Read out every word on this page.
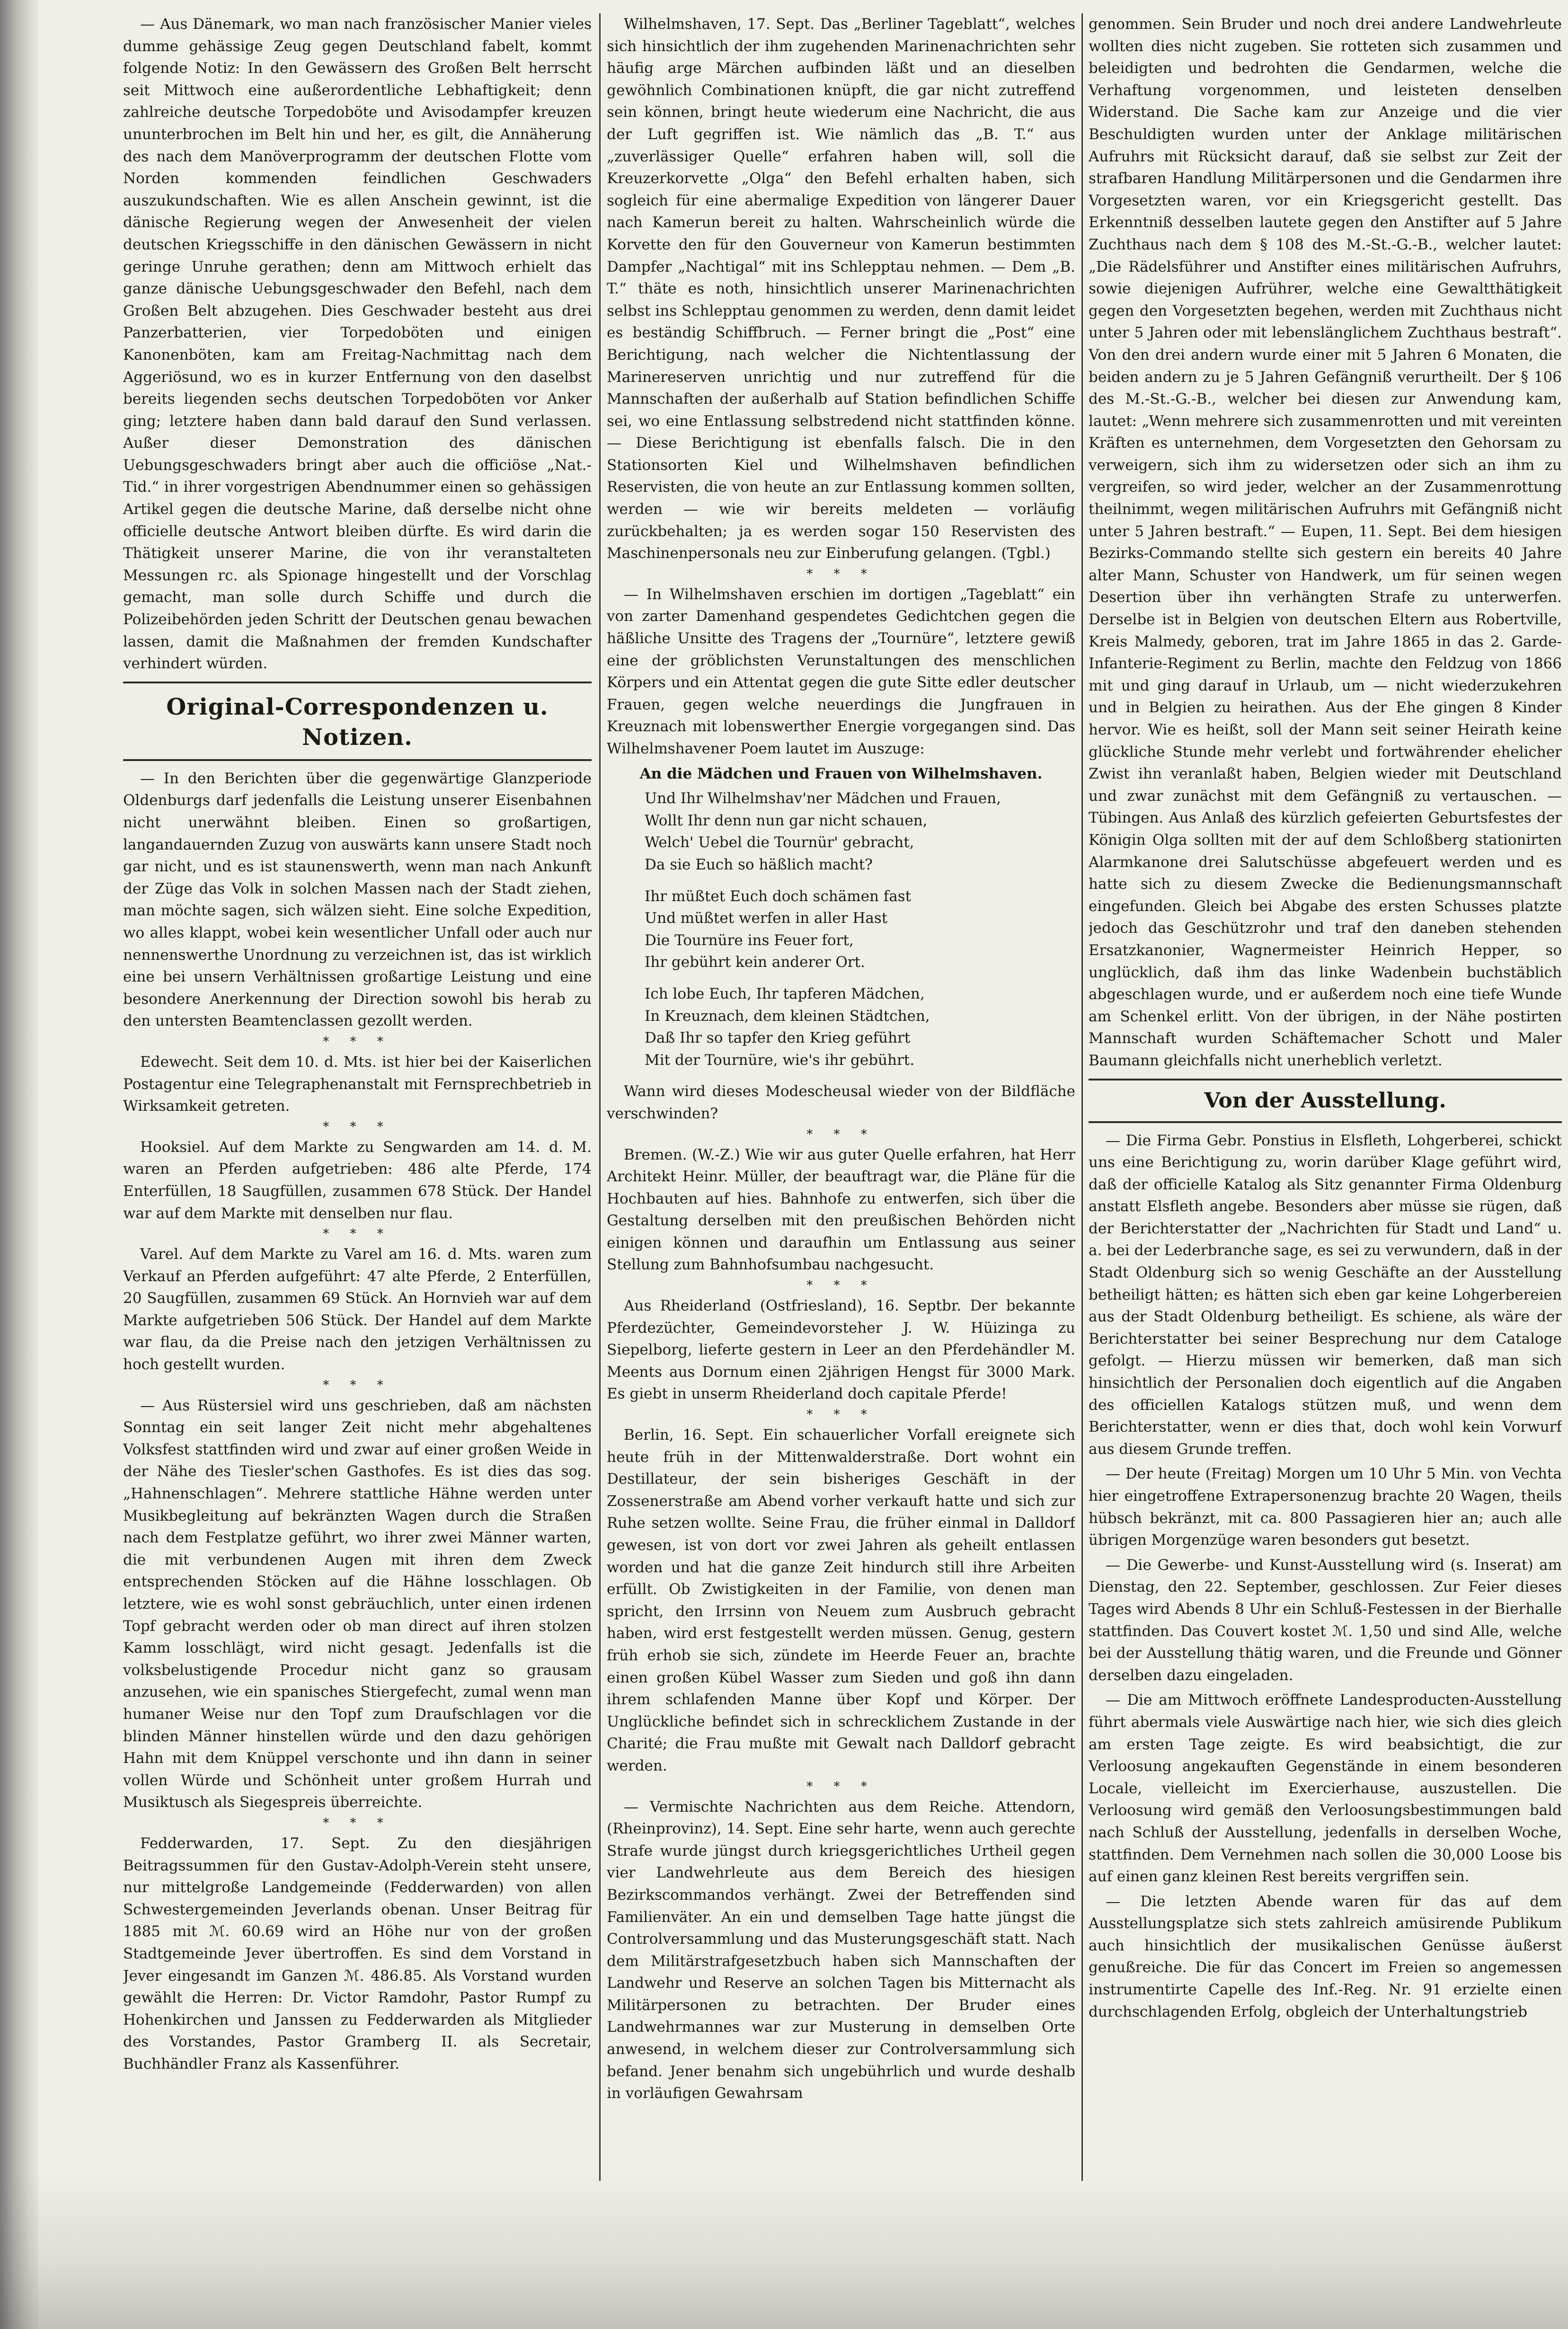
— Aus Dänemark, wo man nach französischer Manier vieles dumme gehässige Zeug gegen Deutschland fabelt, kommt folgende Notiz: In den Gewässern des Großen Belt herrscht seit Mittwoch eine außerordentliche Lebhaftigkeit; denn zahlreiche deutsche Torpedoböte und Avisodampfer kreuzen ununterbrochen im Belt hin und her, es gilt, die Annäherung des nach dem Manöverprogramm der deutschen Flotte vom Norden kommenden feindlichen Geschwaders auszukundschaften. Wie es allen Anschein gewinnt, ist die dänische Regierung wegen der Anwesenheit der vielen deutschen Kriegsschiffe in den dänischen Gewässern in nicht geringe Unruhe gerathen; denn am Mittwoch erhielt das ganze dänische Uebungsgeschwader den Befehl, nach dem Großen Belt abzugehen. Dies Geschwader besteht aus drei Panzerbatterien, vier Torpedoböten und einigen Kanonenböten, kam am Freitag-Nachmittag nach dem Aggeriösund, wo es in kurzer Entfernung von den daselbst bereits liegenden sechs deutschen Torpedoböten vor Anker ging; letztere haben dann bald darauf den Sund verlassen. Außer dieser Demonstration des dänischen Uebungsgeschwaders bringt aber auch die officiöse „Nat.-Tid.“ in ihrer vorgestrigen Abendnummer einen so gehässigen Artikel gegen die deutsche Marine, daß derselbe nicht ohne officielle deutsche Antwort bleiben dürfte. Es wird darin die Thätigkeit unserer Marine, die von ihr veranstalteten Messungen rc. als Spionage hingestellt und der Vorschlag gemacht, man solle durch Schiffe und durch die Polizeibehörden jeden Schritt der Deutschen genau bewachen lassen, damit die Maßnahmen der fremden Kundschafter verhindert würden.

Original-Correspondenzen u. Notizen.

— In den Berichten über die gegenwärtige Glanzperiode Oldenburgs darf jedenfalls die Leistung unserer Eisenbahnen nicht unerwähnt bleiben. Einen so großartigen, langandauernden Zuzug von auswärts kann unsere Stadt noch gar nicht, und es ist staunenswerth, wenn man nach Ankunft der Züge das Volk in solchen Massen nach der Stadt ziehen, man möchte sagen, sich wälzen sieht. Eine solche Expedition, wo alles klappt, wobei kein wesentlicher Unfall oder auch nur nennenswerthe Unordnung zu verzeichnen ist, das ist wirklich eine bei unsern Verhältnissen großartige Leistung und eine besondere Anerkennung der Direction sowohl bis herab zu den untersten Beamtenclassen gezollt werden.

* * *

Edewecht. Seit dem 10. d. Mts. ist hier bei der Kaiserlichen Postagentur eine Telegraphenanstalt mit Fernsprechbetrieb in Wirksamkeit getreten.

* * *

Hooksiel. Auf dem Markte zu Sengwarden am 14. d. M. waren an Pferden aufgetrieben: 486 alte Pferde, 174 Enterfüllen, 18 Saugfüllen, zusammen 678 Stück. Der Handel war auf dem Markte mit denselben nur flau.

* * *

Varel. Auf dem Markte zu Varel am 16. d. Mts. waren zum Verkauf an Pferden aufgeführt: 47 alte Pferde, 2 Enterfüllen, 20 Saugfüllen, zusammen 69 Stück. An Hornvieh war auf dem Markte aufgetrieben 506 Stück. Der Handel auf dem Markte war flau, da die Preise nach den jetzigen Verhältnissen zu hoch gestellt wurden.

* * *

— Aus Rüstersiel wird uns geschrieben, daß am nächsten Sonntag ein seit langer Zeit nicht mehr abgehaltenes Volksfest stattfinden wird und zwar auf einer großen Weide in der Nähe des Tiesler'schen Gasthofes. Es ist dies das sog. „Hahnenschlagen“. Mehrere stattliche Hähne werden unter Musikbegleitung auf bekränzten Wagen durch die Straßen nach dem Festplatze geführt, wo ihrer zwei Männer warten, die mit verbundenen Augen mit ihren dem Zweck entsprechenden Stöcken auf die Hähne losschlagen. Ob letztere, wie es wohl sonst gebräuchlich, unter einen irdenen Topf gebracht werden oder ob man direct auf ihren stolzen Kamm losschlägt, wird nicht gesagt. Jedenfalls ist die volksbelustigende Procedur nicht ganz so grausam anzusehen, wie ein spanisches Stiergefecht, zumal wenn man humaner Weise nur den Topf zum Draufschlagen vor die blinden Männer hinstellen würde und den dazu gehörigen Hahn mit dem Knüppel verschonte und ihn dann in seiner vollen Würde und Schönheit unter großem Hurrah und Musiktusch als Siegespreis überreichte.

* * *

Fedderwarden, 17. Sept. Zu den diesjährigen Beitragssummen für den Gustav-Adolph-Verein steht unsere, nur mittelgroße Landgemeinde (Fedderwarden) von allen Schwestergemeinden Jeverlands obenan. Unser Beitrag für 1885 mit ℳ. 60.69 wird an Höhe nur von der großen Stadtgemeinde Jever übertroffen. Es sind dem Vorstand in Jever eingesandt im Ganzen ℳ. 486.85. Als Vorstand wurden gewählt die Herren: Dr. Victor Ramdohr, Pastor Rumpf zu Hohenkirchen und Janssen zu Fedderwarden als Mitglieder des Vorstandes, Pastor Gramberg II. als Secretair, Buchhändler Franz als Kassenführer.

Wilhelmshaven, 17. Sept. Das „Berliner Tageblatt“, welches sich hinsichtlich der ihm zugehenden Marinenachrichten sehr häufig arge Märchen aufbinden läßt und an dieselben gewöhnlich Combinationen knüpft, die gar nicht zutreffend sein können, bringt heute wiederum eine Nachricht, die aus der Luft gegriffen ist. Wie nämlich das „B. T.“ aus „zuverlässiger Quelle“ erfahren haben will, soll die Kreuzerkorvette „Olga“ den Befehl erhalten haben, sich sogleich für eine abermalige Expedition von längerer Dauer nach Kamerun bereit zu halten. Wahrscheinlich würde die Korvette den für den Gouverneur von Kamerun bestimmten Dampfer „Nachtigal“ mit ins Schlepptau nehmen. — Dem „B. T.“ thäte es noth, hinsichtlich unserer Marinenachrichten selbst ins Schlepptau genommen zu werden, denn damit leidet es beständig Schiffbruch. — Ferner bringt die „Post“ eine Berichtigung, nach welcher die Nichtentlassung der Marinereserven unrichtig und nur zutreffend für die Mannschaften der außerhalb auf Station befindlichen Schiffe sei, wo eine Entlassung selbstredend nicht stattfinden könne. — Diese Berichtigung ist ebenfalls falsch. Die in den Stationsorten Kiel und Wilhelmshaven befindlichen Reservisten, die von heute an zur Entlassung kommen sollten, werden — wie wir bereits meldeten — vorläufig zurückbehalten; ja es werden sogar 150 Reservisten des Maschinenpersonals neu zur Einberufung gelangen. (Tgbl.)

* * *

— In Wilhelmshaven erschien im dortigen „Tageblatt“ ein von zarter Damenhand gespendetes Gedichtchen gegen die häßliche Unsitte des Tragens der „Tournüre“, letztere gewiß eine der gröblichsten Verunstaltungen des menschlichen Körpers und ein Attentat gegen die gute Sitte edler deutscher Frauen, gegen welche neuerdings die Jungfrauen in Kreuznach mit lobenswerther Energie vorgegangen sind. Das Wilhelmshavener Poem lautet im Auszuge:

An die Mädchen und Frauen von Wilhelmshaven.
Und Ihr Wilhelmshav'ner Mädchen und Frauen,
Wollt Ihr denn nun gar nicht schauen,
Welch' Uebel die Tournür' gebracht,
Da sie Euch so häßlich macht?
Ihr müßtet Euch doch schämen fast
Und müßtet werfen in aller Hast
Die Tournüre ins Feuer fort,
Ihr gebührt kein anderer Ort.
Ich lobe Euch, Ihr tapferen Mädchen,
In Kreuznach, dem kleinen Städtchen,
Daß Ihr so tapfer den Krieg geführt
Mit der Tournüre, wie's ihr gebührt.

Wann wird dieses Modescheusal wieder von der Bildfläche verschwinden?

* * *

Bremen. (W.-Z.) Wie wir aus guter Quelle erfahren, hat Herr Architekt Heinr. Müller, der beauftragt war, die Pläne für die Hochbauten auf hies. Bahnhofe zu entwerfen, sich über die Gestaltung derselben mit den preußischen Behörden nicht einigen können und daraufhin um Entlassung aus seiner Stellung zum Bahnhofsumbau nachgesucht.

* * *

Aus Rheiderland (Ostfriesland), 16. Septbr. Der bekannte Pferdezüchter, Gemeindevorsteher J. W. Hüizinga zu Siepelborg, lieferte gestern in Leer an den Pferdehändler M. Meents aus Dornum einen 2jährigen Hengst für 3000 Mark. Es giebt in unserm Rheiderland doch capitale Pferde!

* * *

Berlin, 16. Sept. Ein schauerlicher Vorfall ereignete sich heute früh in der Mittenwalderstraße. Dort wohnt ein Destillateur, der sein bisheriges Geschäft in der Zossenerstraße am Abend vorher verkauft hatte und sich zur Ruhe setzen wollte. Seine Frau, die früher einmal in Dalldorf gewesen, ist von dort vor zwei Jahren als geheilt entlassen worden und hat die ganze Zeit hindurch still ihre Arbeiten erfüllt. Ob Zwistigkeiten in der Familie, von denen man spricht, den Irrsinn von Neuem zum Ausbruch gebracht haben, wird erst festgestellt werden müssen. Genug, gestern früh erhob sie sich, zündete im Heerde Feuer an, brachte einen großen Kübel Wasser zum Sieden und goß ihn dann ihrem schlafenden Manne über Kopf und Körper. Der Unglückliche befindet sich in schrecklichem Zustande in der Charité; die Frau mußte mit Gewalt nach Dalldorf gebracht werden.

* * *

— Vermischte Nachrichten aus dem Reiche. Attendorn, (Rheinprovinz), 14. Sept. Eine sehr harte, wenn auch gerechte Strafe wurde jüngst durch kriegsgerichtliches Urtheil gegen vier Landwehrleute aus dem Bereich des hiesigen Bezirkscommandos verhängt. Zwei der Betreffenden sind Familienväter. An ein und demselben Tage hatte jüngst die Controlversammlung und das Musterungsgeschäft statt. Nach dem Militärstrafgesetzbuch haben sich Mannschaften der Landwehr und Reserve an solchen Tagen bis Mitternacht als Militärpersonen zu betrachten. Der Bruder eines Landwehrmannes war zur Musterung in demselben Orte anwesend, in welchem dieser zur Controlversammlung sich befand. Jener benahm sich ungebührlich und wurde deshalb in vorläufigen Gewahrsam

genommen. Sein Bruder und noch drei andere Landwehrleute wollten dies nicht zugeben. Sie rotteten sich zusammen und beleidigten und bedrohten die Gendarmen, welche die Verhaftung vorgenommen, und leisteten denselben Widerstand. Die Sache kam zur Anzeige und die vier Beschuldigten wurden unter der Anklage militärischen Aufruhrs mit Rücksicht darauf, daß sie selbst zur Zeit der strafbaren Handlung Militärpersonen und die Gendarmen ihre Vorgesetzten waren, vor ein Kriegsgericht gestellt. Das Erkenntniß desselben lautete gegen den Anstifter auf 5 Jahre Zuchthaus nach dem § 108 des M.-St.-G.-B., welcher lautet: „Die Rädelsführer und Anstifter eines militärischen Aufruhrs, sowie diejenigen Aufrührer, welche eine Gewaltthätigkeit gegen den Vorgesetzten begehen, werden mit Zuchthaus nicht unter 5 Jahren oder mit lebenslänglichem Zuchthaus bestraft“. Von den drei andern wurde einer mit 5 Jahren 6 Monaten, die beiden andern zu je 5 Jahren Gefängniß verurtheilt. Der § 106 des M.-St.-G.-B., welcher bei diesen zur Anwendung kam, lautet: „Wenn mehrere sich zusammenrotten und mit vereinten Kräften es unternehmen, dem Vorgesetzten den Gehorsam zu verweigern, sich ihm zu widersetzen oder sich an ihm zu vergreifen, so wird jeder, welcher an der Zusammenrottung theilnimmt, wegen militärischen Aufruhrs mit Gefängniß nicht unter 5 Jahren bestraft.“ — Eupen, 11. Sept. Bei dem hiesigen Bezirks-Commando stellte sich gestern ein bereits 40 Jahre alter Mann, Schuster von Handwerk, um für seinen wegen Desertion über ihn verhängten Strafe zu unterwerfen. Derselbe ist in Belgien von deutschen Eltern aus Robertville, Kreis Malmedy, geboren, trat im Jahre 1865 in das 2. Garde-Infanterie-Regiment zu Berlin, machte den Feldzug von 1866 mit und ging darauf in Urlaub, um — nicht wiederzukehren und in Belgien zu heirathen. Aus der Ehe gingen 8 Kinder hervor. Wie es heißt, soll der Mann seit seiner Heirath keine glückliche Stunde mehr verlebt und fortwährender ehelicher Zwist ihn veranlaßt haben, Belgien wieder mit Deutschland und zwar zunächst mit dem Gefängniß zu vertauschen. — Tübingen. Aus Anlaß des kürzlich gefeierten Geburtsfestes der Königin Olga sollten mit der auf dem Schloßberg stationirten Alarmkanone drei Salutschüsse abgefeuert werden und es hatte sich zu diesem Zwecke die Bedienungsmannschaft eingefunden. Gleich bei Abgabe des ersten Schusses platzte jedoch das Geschützrohr und traf den daneben stehenden Ersatzkanonier, Wagnermeister Heinrich Hepper, so unglücklich, daß ihm das linke Wadenbein buchstäblich abgeschlagen wurde, und er außerdem noch eine tiefe Wunde am Schenkel erlitt. Von der übrigen, in der Nähe postirten Mannschaft wurden Schäftemacher Schott und Maler Baumann gleichfalls nicht unerheblich verletzt.

Von der Ausstellung.

— Die Firma Gebr. Ponstius in Elsfleth, Lohgerberei, schickt uns eine Berichtigung zu, worin darüber Klage geführt wird, daß der officielle Katalog als Sitz genannter Firma Oldenburg anstatt Elsfleth angebe. Besonders aber müsse sie rügen, daß der Berichterstatter der „Nachrichten für Stadt und Land“ u. a. bei der Lederbranche sage, es sei zu verwundern, daß in der Stadt Oldenburg sich so wenig Geschäfte an der Ausstellung betheiligt hätten; es hätten sich eben gar keine Lohgerbereien aus der Stadt Oldenburg betheiligt. Es schiene, als wäre der Berichterstatter bei seiner Besprechung nur dem Cataloge gefolgt. — Hierzu müssen wir bemerken, daß man sich hinsichtlich der Personalien doch eigentlich auf die Angaben des officiellen Katalogs stützen muß, und wenn dem Berichterstatter, wenn er dies that, doch wohl kein Vorwurf aus diesem Grunde treffen.

— Der heute (Freitag) Morgen um 10 Uhr 5 Min. von Vechta hier eingetroffene Extrapersonenzug brachte 20 Wagen, theils hübsch bekränzt, mit ca. 800 Passagieren hier an; auch alle übrigen Morgenzüge waren besonders gut besetzt.

— Die Gewerbe- und Kunst-Ausstellung wird (s. Inserat) am Dienstag, den 22. September, geschlossen. Zur Feier dieses Tages wird Abends 8 Uhr ein Schluß-Festessen in der Bierhalle stattfinden. Das Couvert kostet ℳ. 1,50 und sind Alle, welche bei der Ausstellung thätig waren, und die Freunde und Gönner derselben dazu eingeladen.

— Die am Mittwoch eröffnete Landesproducten-Ausstellung führt abermals viele Auswärtige nach hier, wie sich dies gleich am ersten Tage zeigte. Es wird beabsichtigt, die zur Verloosung angekauften Gegenstände in einem besonderen Locale, vielleicht im Exercierhause, auszustellen. Die Verloosung wird gemäß den Verloosungsbestimmungen bald nach Schluß der Ausstellung, jedenfalls in derselben Woche, stattfinden. Dem Vernehmen nach sollen die 30,000 Loose bis auf einen ganz kleinen Rest bereits vergriffen sein.

— Die letzten Abende waren für das auf dem Ausstellungsplatze sich stets zahlreich amüsirende Publikum auch hinsichtlich der musikalischen Genüsse äußerst genußreiche. Die für das Concert im Freien so angemessen instrumentirte Capelle des Inf.-Reg. Nr. 91 erzielte einen durchschlagenden Erfolg, obgleich der Unterhaltungstrieb
